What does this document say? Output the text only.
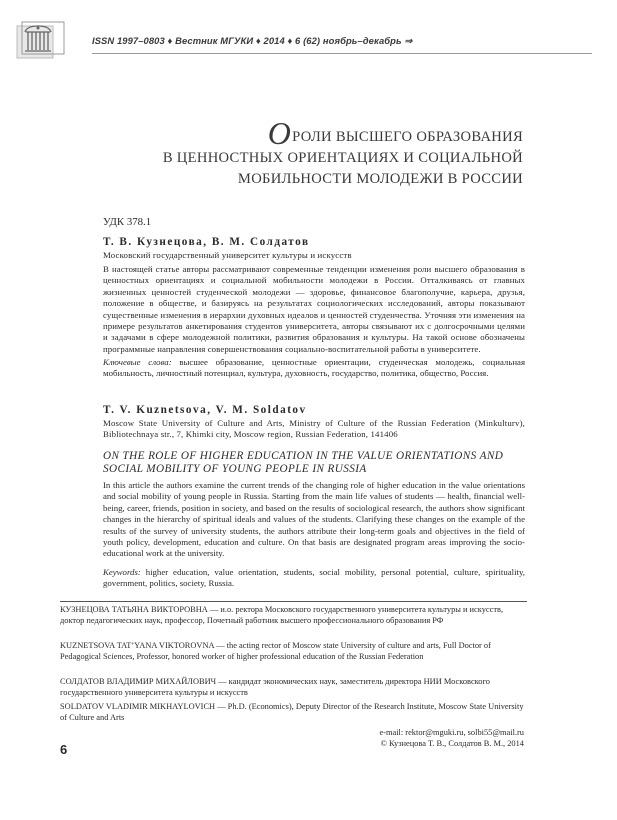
ISSN 1997–0803 ♦ Вестник МГУКИ ♦ 2014 ♦ 6 (62) ноябрь–декабрь ⇒
ОРОЛИ ВЫСШЕГО ОБРАЗОВАНИЯ
В ЦЕННОСТНЫХ ОРИЕНТАЦИЯХ И СОЦИАЛЬНОЙ
МОБИЛЬНОСТИ МОЛОДЕЖИ В РОССИИ
УДК 378.1
Т. В. Кузнецова, В. М. Солдатов
Московский государственный университет культуры и искусств
В настоящей статье авторы рассматривают современные тенденции изменения роли высшего образования в ценностных ориентациях и социальной мобильности молодежи в России. Отталкиваясь от главных жизненных ценностей студенческой молодежи — здоровье, финансовое благополучие, карьера, друзья, положение в обществе, и базируясь на результатах социологических исследований, авторы показывают существенные изменения в иерархии духовных идеалов и ценностей студенчества. Уточняя эти изменения на примере результатов анкетирования студентов университета, авторы связывают их с долгосрочными целями и задачами в сфере молодежной политики, развития образования и культуры. На такой основе обозначены программные направления совершенствования социально-воспитательной работы в университете.
Ключевые слова: высшее образование, ценностные ориентации, студенческая молодежь, социальная мобильность, личностный потенциал, культура, духовность, государство, политика, общество, Россия.
T. V. Kuznetsova, V. M. Soldatov
Moscow State University of Culture and Arts, Ministry of Culture of the Russian Federation (Minkulturv), Bibliotechnaya str., 7, Khimki city, Moscow region, Russian Federation, 141406
ON THE ROLE OF HIGHER EDUCATION IN THE VALUE ORIENTATIONS AND SOCIAL MOBILITY OF YOUNG PEOPLE IN RUSSIA
In this article the authors examine the current trends of the changing role of higher education in the value orientations and social mobility of young people in Russia. Starting from the main life values of students — health, financial well-being, career, friends, position in society, and based on the results of sociological research, the authors show significant changes in the hierarchy of spiritual ideals and values of the students. Clarifying these changes on the example of the results of the survey of university students, the authors attribute their long-term goals and objectives in the field of youth policy, development, education and culture. On that basis are designated program areas improving the socio-educational work at the university.
Keywords: higher education, value orientation, students, social mobility, personal potential, culture, spirituality, government, politics, society, Russia.
КУЗНЕЦОВА ТАТЬЯНА ВИКТОРОВНА — и.о. ректора Московского государственного университета культуры и искусств, доктор педагогических наук, профессор, Почетный работник высшего профессионального образования РФ
KUZNETSOVA TAT’YANA VIKTOROVNA — the acting rector of Moscow state University of culture and arts, Full Doctor of Pedagogical Sciences, Professor, honored worker of higher professional education of the Russian Federation
СОЛДАТОВ ВЛАДИМИР МИХАЙЛОВИЧ — кандидат экономических наук, заместитель директора НИИ Московского государственного университета культуры и искусств
SOLDATOV VLADIMIR MIKHAYLOVICH — Ph.D. (Economics), Deputy Director of the Research Institute, Moscow State University of Culture and Arts
e-mail: rektor@mguki.ru, solbi55@mail.ru
© Кузнецова Т. В., Солдатов В. М., 2014
6
